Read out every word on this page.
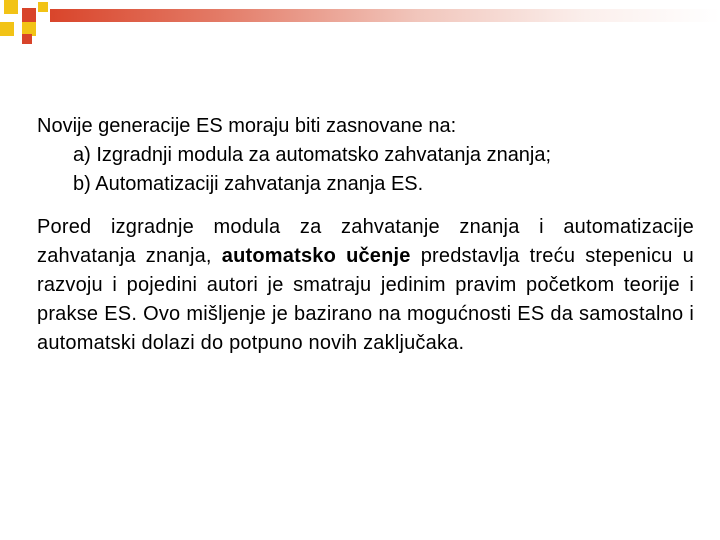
Novije generacije ES moraju biti zasnovane na:
a) Izgradnji modula za automatsko zahvatanja znanja;
b) Automatizaciji zahvatanja znanja ES.
Pored izgradnje modula za zahvatanje znanja i automatizacije zahvatanja znanja, automatsko učenje predstavlja treću stepenicu u razvoju i pojedini autori je smatraju jedinim pravim početkom teorije i prakse ES. Ovo mišljenje je bazirano na mogućnosti ES da samostalno i automatski dolazi do potpuno novih zaključaka.
